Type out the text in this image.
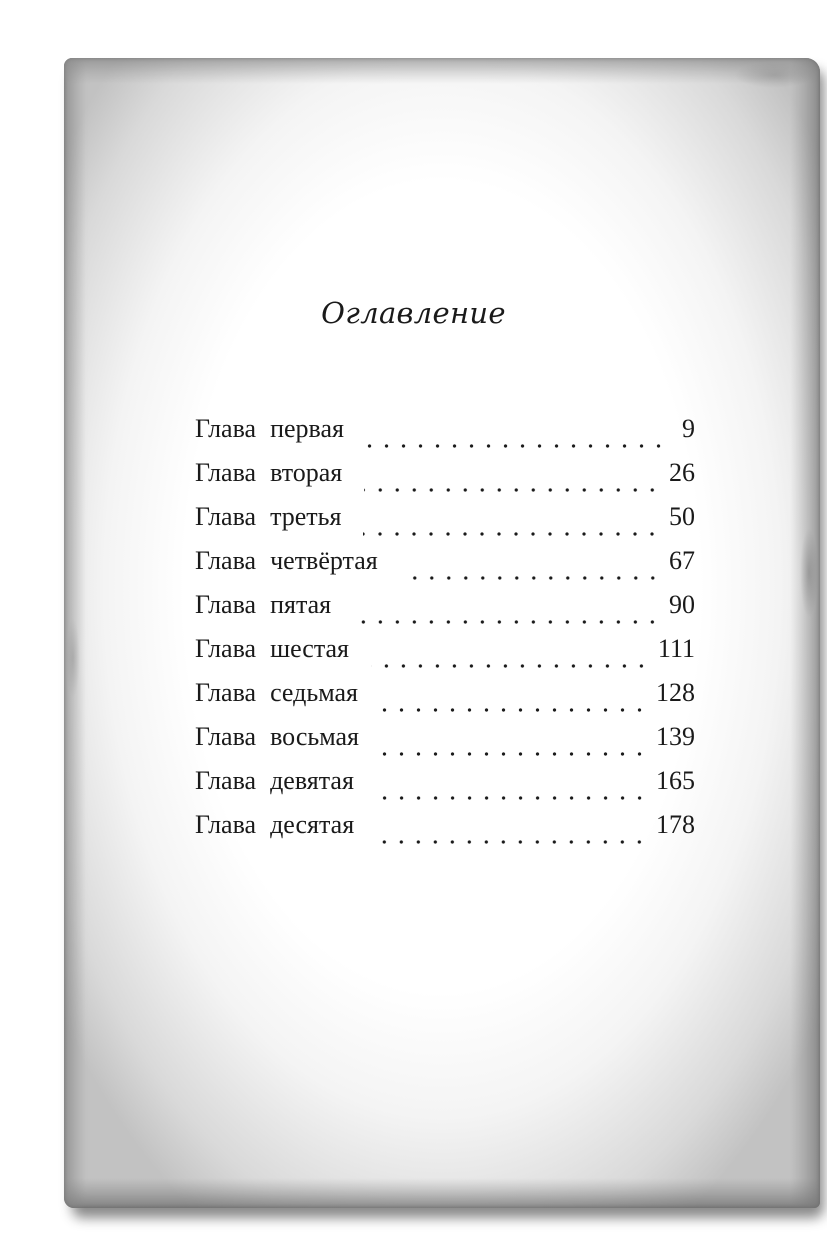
Оглавление
Глава первая	9
Глава вторая	26
Глава третья	50
Глава четвёртая	67
Глава пятая	90
Глава шестая	111
Глава седьмая	128
Глава восьмая	139
Глава девятая	165
Глава десятая	178
